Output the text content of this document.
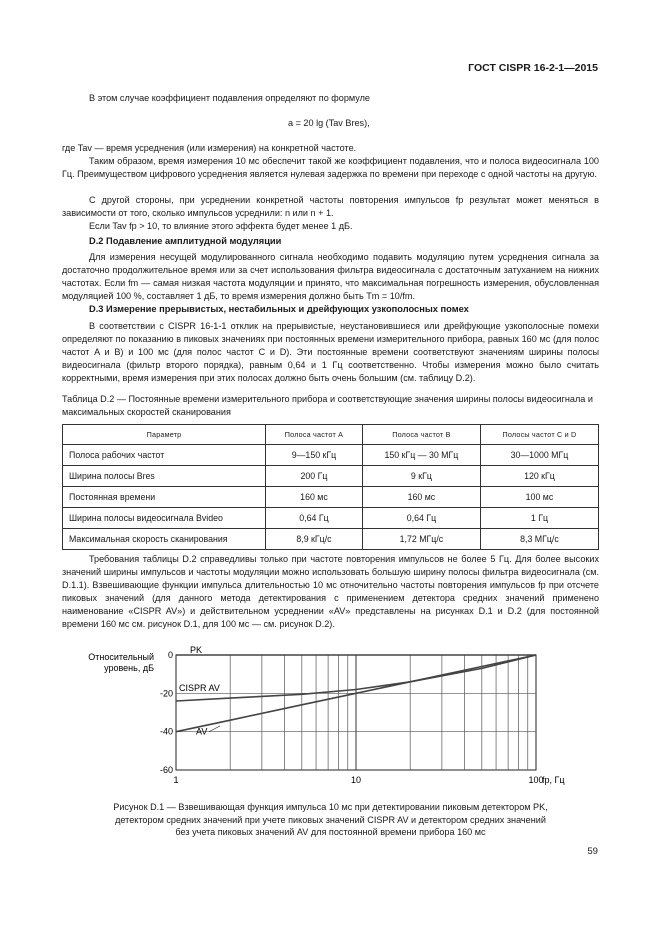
ГОСТ CISPR 16-2-1—2015

В этом случае коэффициент подавления определяют по формуле

a = 20 lg (Tav Bres),

где Tav — время усреднения (или измерения) на конкретной частоте.

Таким образом, время измерения 10 мс обеспечит такой же коэффициент подавления, что и полоса видеосигнала 100 Гц. Преимуществом цифрового усреднения является нулевая задержка по времени при переходе с одной частоты на другую.

С другой стороны, при усреднении конкретной частоты повторения импульсов fp результат может меняться в зависимости от того, сколько импульсов усреднили: n или n + 1.

Если Tav fp > 10, то влияние этого эффекта будет менее 1 дБ.

D.2 Подавление амплитудной модуляции

Для измерения несущей модулированного сигнала необходимо подавить модуляцию путем усреднения сигнала за достаточно продолжительное время или за счет использования фильтра видеосигнала с достаточным затуханием на нижних частотах. Если fm — самая низкая частота модуляции и принято, что максимальная погрешность измерения, обусловленная модуляцией 100 %, составляет 1 дБ, то время измерения должно быть Tm = 10/fm.

D.3 Измерение прерывистых, нестабильных и дрейфующих узкополосных помех

В соответствии с CISPR 16-1-1 отклик на прерывистые, неустановившиеся или дрейфующие узкополосные помехи определяют по показанию в пиковых значениях при постоянных времени измерительного прибора, равных 160 мс (для полос частот A и B) и 100 мс (для полос частот C и D). Эти постоянные времени соответствуют значениям ширины полосы видеосигнала (фильтр второго порядка), равным 0,64 и 1 Гц соответственно. Чтобы измерения можно было считать корректными, время измерения при этих полосах должно быть очень большим (см. таблицу D.2).

Таблица D.2 — Постоянные времени измерительного прибора и соответствующие значения ширины полосы видеосигнала и максимальных скоростей сканирования

Параметр	Полоса частот A	Полоса частот B	Полосы частот C и D
Полоса рабочих частот	9—150 кГц	150 кГц — 30 МГц	30—1000 МГц
Ширина полосы Bres	200 Гц	9 кГц	120 кГц
Постоянная времени	160 мс	160 мс	100 мс
Ширина полосы видеосигнала Bvideo	0,64 Гц	0,64 Гц	1 Гц
Максимальная скорость сканирования	8,9 кГц/с	1,72 МГц/с	8,3 МГц/с

Требования таблицы D.2 справедливы только при частоте повторения импульсов не более 5 Гц. Для более высоких значений ширины импульсов и частоты модуляции можно использовать большую ширину полосы фильтра видеосигнала (см. D.1.1). Взвешивающие функции импульса длительностью 10 мс отночительно частоты повторения импульсов fp при отсчете пиковых значений (для данного метода детектирования с применением детектора средних значений применено наименование «CISPR AV») и действительном усреднении «AV» представлены на рисунках D.1 и D.2 (для постоянной времени 160 мс см. рисунок D.1, для 100 мс — см. рисунок D.2).

Относительный
уровень, дБ
0
-20
-40
-60
1	10	100
fp, Гц
PK
CISPR AV
AV

Рисунок D.1 — Взвешивающая функция импульса 10 мс при детектировании пиковым детектором PK,
детектором средних значений при учете пиковых значений CISPR AV и детектором средних значений
без учета пиковых значений AV для постоянной времени прибора 160 мс

59
